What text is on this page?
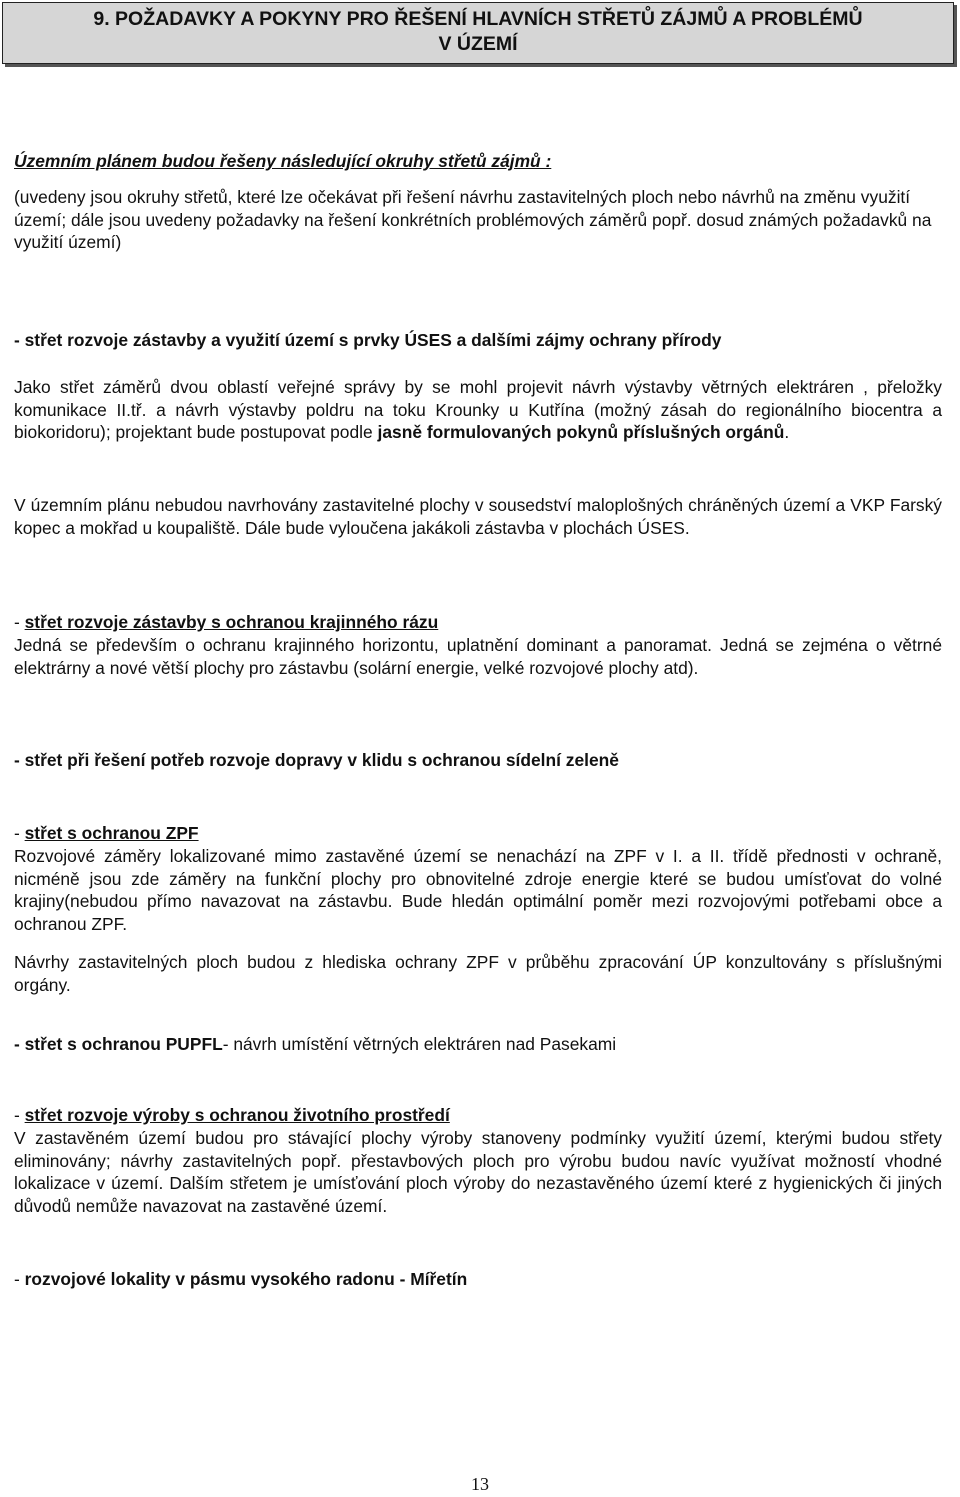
9. POŽADAVKY A POKYNY PRO ŘEŠENÍ HLAVNÍCH STŘETŮ ZÁJMŮ A PROBLÉMŮ
V ÚZEMÍ

Územním plánem budou řešeny následující okruhy střetů zájmů :

(uvedeny jsou okruhy střetů, které lze očekávat při řešení návrhu zastavitelných ploch nebo návrhů na změnu využití území; dále jsou uvedeny požadavky na řešení konkrétních problémových záměrů popř. dosud známých požadavků na využití území)

- střet rozvoje zástavby a využití území s prvky ÚSES a dalšími zájmy ochrany přírody

Jako střet záměrů dvou oblastí veřejné správy by se mohl projevit návrh výstavby větrných elektráren , přeložky komunikace II.tř. a návrh výstavby poldru na toku Krounky u Kutřína (možný zásah do regionálního biocentra a biokoridoru); projektant bude postupovat podle jasně formulovaných pokynů příslušných orgánů.

V územním plánu nebudou navrhovány zastavitelné plochy v sousedství maloplošných chráněných území a VKP Farský kopec a mokřad u koupaliště. Dále bude vyloučena jakákoli zástavba v plochách ÚSES.

- střet rozvoje zástavby s ochranou krajinného rázu

Jedná se především o ochranu krajinného horizontu, uplatnění dominant a panoramat. Jedná se zejména o větrné elektrárny a nové větší plochy pro zástavbu (solární energie, velké rozvojové plochy atd).

- střet při řešení potřeb rozvoje dopravy v klidu s ochranou sídelní zeleně

- střet s ochranou ZPF

Rozvojové záměry lokalizované mimo zastavěné území se nenachází na ZPF v I. a II. třídě přednosti v ochraně, nicméně jsou zde záměry na funkční plochy pro obnovitelné zdroje energie které se budou umísťovat do volné krajiny(nebudou přímo navazovat na zástavbu. Bude hledán optimální poměr mezi rozvojovými potřebami obce a ochranou ZPF.

Návrhy zastavitelných ploch budou z hlediska ochrany ZPF v průběhu zpracování ÚP konzultovány s příslušnými orgány.

- střet s ochranou PUPFL- návrh umístění větrných elektráren nad Pasekami

- střet rozvoje výroby s ochranou životního prostředí

V zastavěném území budou pro stávající plochy výroby stanoveny podmínky využití území, kterými budou střety eliminovány; návrhy zastavitelných popř. přestavbových ploch pro výrobu budou navíc využívat možností vhodné lokalizace v území. Dalším střetem je umísťování ploch výroby do nezastavěného území které z hygienických či jiných důvodů nemůže navazovat na zastavěné území.

- rozvojové lokality v pásmu vysokého radonu - Mířetín

13
